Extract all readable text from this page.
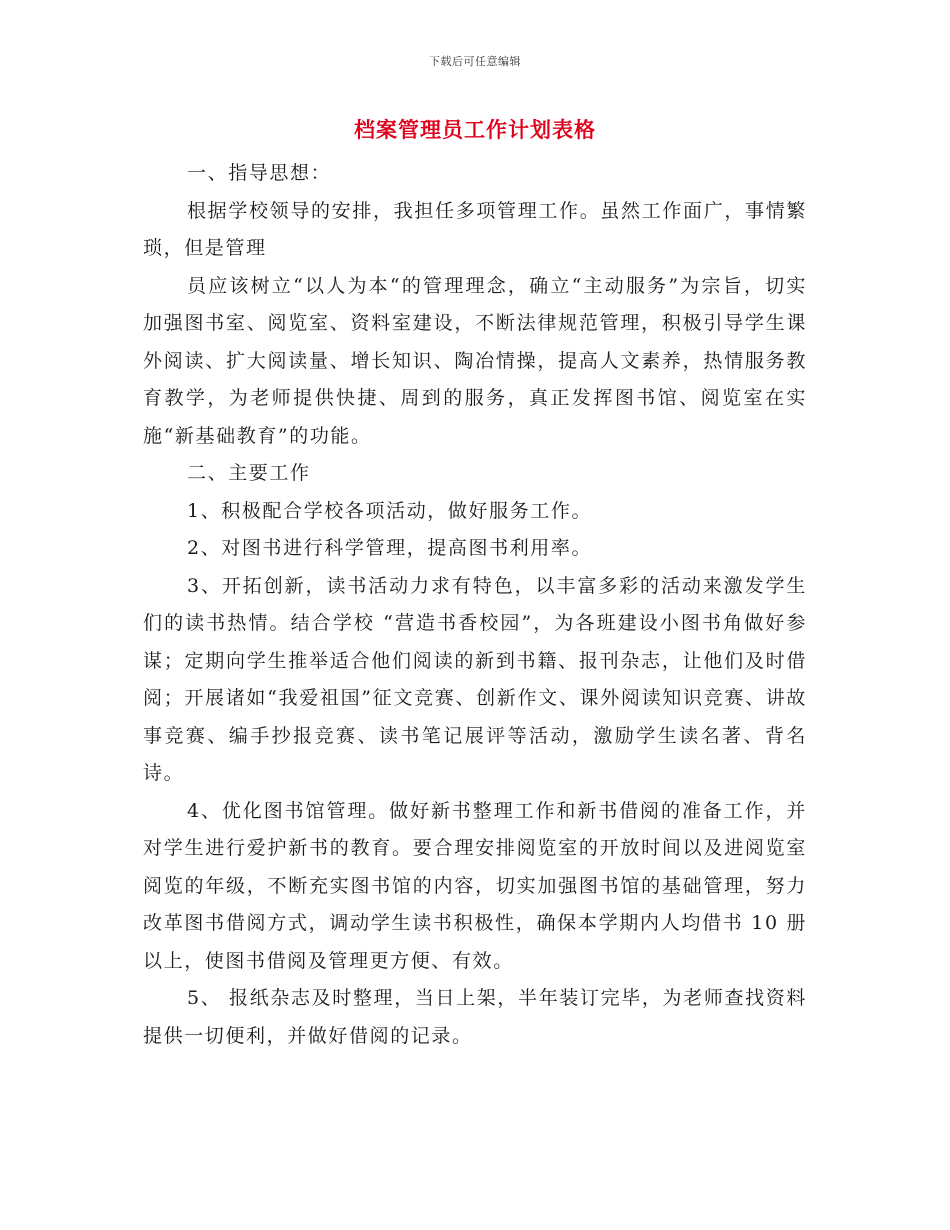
下载后可任意编辑
档案管理员工作计划表格

一、指导思想：

根据学校领导的安排，我担任多项管理工作。虽然工作面广，事情繁琐，但是管理

员应该树立“以人为本“的管理理念，确立“主动服务”为宗旨，切实加强图书室、阅览室、资料室建设，不断法律规范管理，积极引导学生课外阅读、扩大阅读量、增长知识、陶冶情操，提高人文素养，热情服务教育教学，为老师提供快捷、周到的服务，真正发挥图书馆、阅览室在实施“新基础教育”的功能。

二、主要工作

1、积极配合学校各项活动，做好服务工作。

2、对图书进行科学管理，提高图书利用率。

3、开拓创新，读书活动力求有特色，以丰富多彩的活动来激发学生们的读书热情。结合学校 “营造书香校园”，为各班建设小图书角做好参谋；定期向学生推举适合他们阅读的新到书籍、报刊杂志，让他们及时借阅；开展诸如“我爱祖国”征文竞赛、创新作文、课外阅读知识竞赛、讲故事竞赛、编手抄报竞赛、读书笔记展评等活动，激励学生读名著、背名诗。

4、优化图书馆管理。做好新书整理工作和新书借阅的准备工作，并对学生进行爱护新书的教育。要合理安排阅览室的开放时间以及进阅览室阅览的年级，不断充实图书馆的内容，切实加强图书馆的基础管理，努力改革图书借阅方式，调动学生读书积极性，确保本学期内人均借书 10 册以上，使图书借阅及管理更方便、有效。

5、 报纸杂志及时整理，当日上架，半年装订完毕，为老师查找资料提供一切便利，并做好借阅的记录。
